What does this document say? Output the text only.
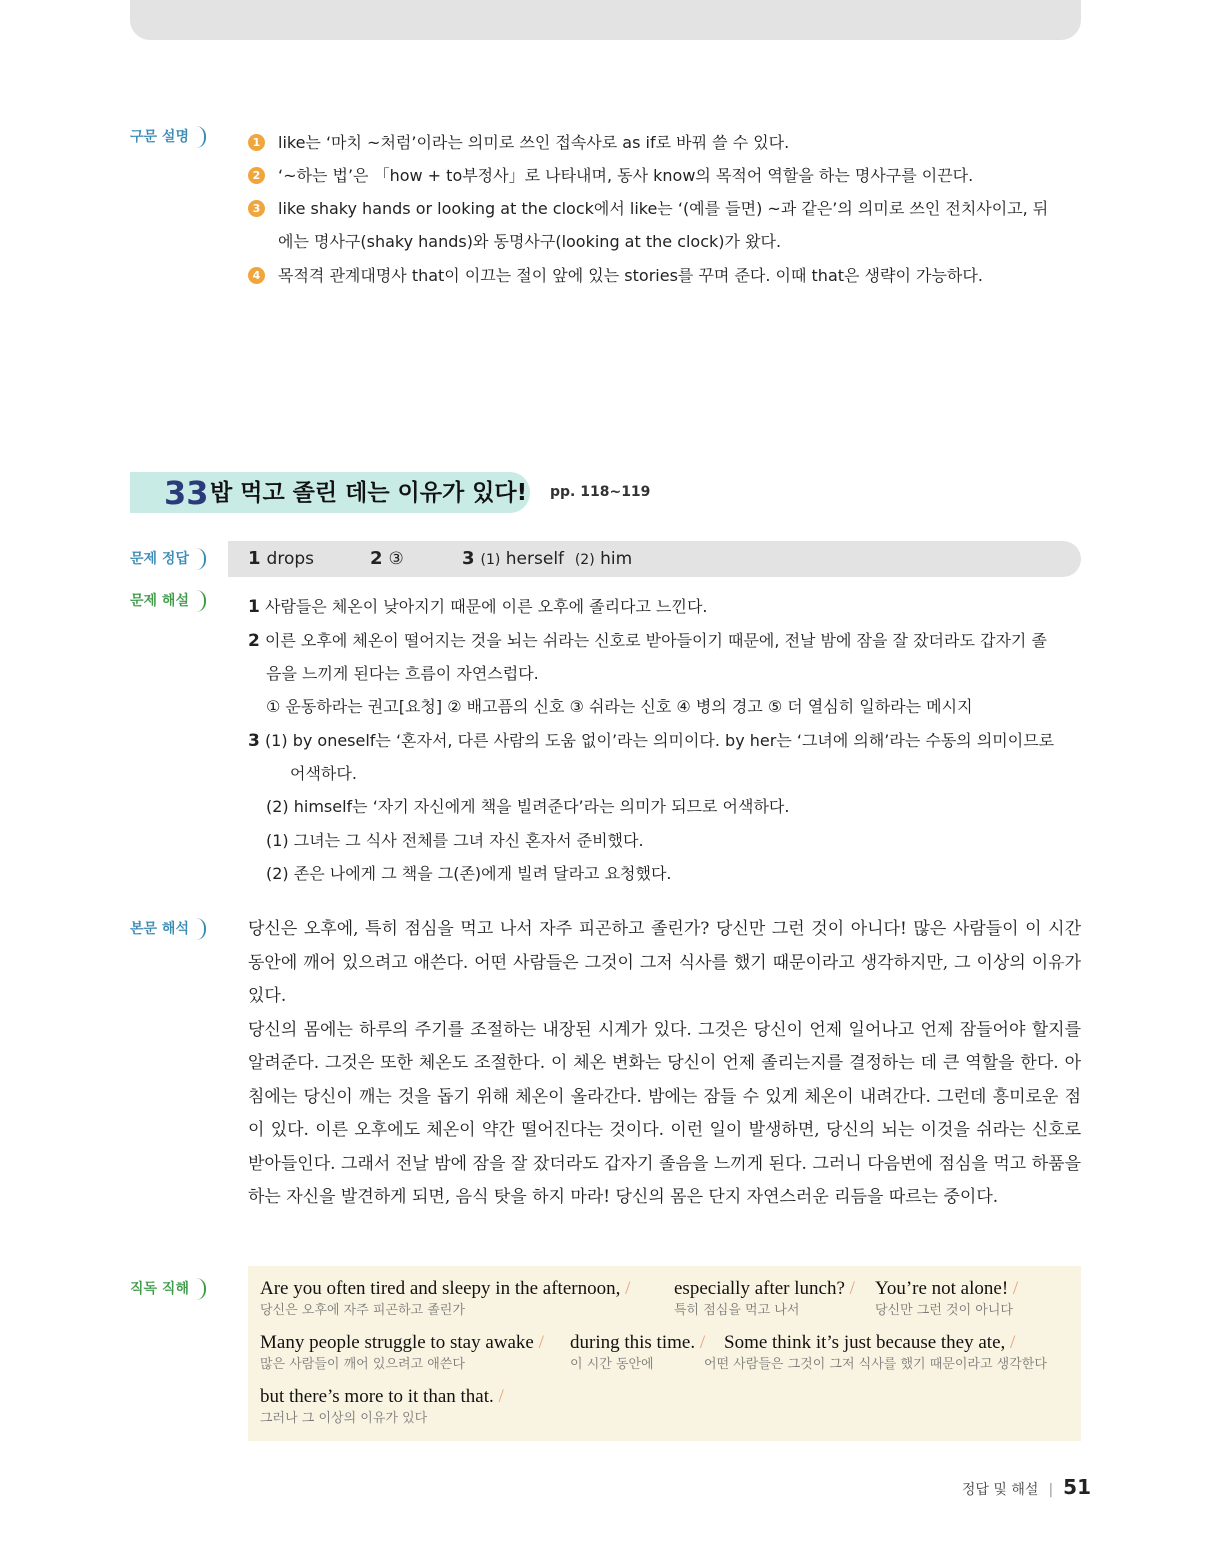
구문 설명	1 like는 ‘마치 ~처럼’이라는 의미로 쓰인 접속사로 as if로 바꿔 쓸 수 있다.
2 ‘~하는 법’은 「how + to부정사」로 나타내며, 동사 know의 목적어 역할을 하는 명사구를 이끈다.
3 like shaky hands or looking at the clock에서 like는 ‘(예를 들면) ~과 같은’의 의미로 쓰인 전치사이고, 뒤
에는 명사구(shaky hands)와 동명사구(looking at the clock)가 왔다.
4 목적격 관계대명사 that이 이끄는 절이 앞에 있는 stories를 꾸며 준다. 이때 that은 생략이 가능하다.
33 밥 먹고 졸린 데는 이유가 있다! pp. 118~119
문제 정답	1 drops	2 ③	3 (1) herself (2) him
문제 해설	1 사람들은 체온이 낮아지기 때문에 이른 오후에 졸리다고 느낀다.
2 이른 오후에 체온이 떨어지는 것을 뇌는 쉬라는 신호로 받아들이기 때문에, 전날 밤에 잠을 잘 잤더라도 갑자기 졸
음을 느끼게 된다는 흐름이 자연스럽다.
① 운동하라는 권고[요청] ② 배고픔의 신호 ③ 쉬라는 신호 ④ 병의 경고 ⑤ 더 열심히 일하라는 메시지
3 (1) by oneself는 ‘혼자서, 다른 사람의 도움 없이’라는 의미이다. by her는 ‘그녀에 의해’라는 수동의 의미이므로
어색하다.
(2) himself는 ‘자기 자신에게 책을 빌려준다’라는 의미가 되므로 어색하다.
(1) 그녀는 그 식사 전체를 그녀 자신 혼자서 준비했다.
(2) 존은 나에게 그 책을 그(존)에게 빌려 달라고 요청했다.
본문 해석	당신은 오후에, 특히 점심을 먹고 나서 자주 피곤하고 졸린가? 당신만 그런 것이 아니다! 많은 사람들이 이 시간 동안에 깨어 있으려고 애쓴다. 어떤 사람들은 그것이 그저 식사를 했기 때문이라고 생각하지만, 그 이상의 이유가 있다.

당신의 몸에는 하루의 주기를 조절하는 내장된 시계가 있다. 그것은 당신이 언제 일어나고 언제 잠들어야 할지를 알려준다. 그것은 또한 체온도 조절한다. 이 체온 변화는 당신이 언제 졸리는지를 결정하는 데 큰 역할을 한다. 아침에는 당신이 깨는 것을 돕기 위해 체온이 올라간다. 밤에는 잠들 수 있게 체온이 내려간다. 그런데 흥미로운 점이 있다. 이른 오후에도 체온이 약간 떨어진다는 것이다. 이런 일이 발생하면, 당신의 뇌는 이것을 쉬라는 신호로 받아들인다. 그래서 전날 밤에 잠을 잘 잤더라도 갑자기 졸음을 느끼게 된다. 그러니 다음번에 점심을 먹고 하품을 하는 자신을 발견하게 되면, 음식 탓을 하지 마라! 당신의 몸은 단지 자연스러운 리듬을 따르는 중이다.

직독 직해	Are you often tired and sleepy in the afternoon, / especially after lunch? / You’re not alone! /
당신은 오후에 자주 피곤하고 졸린가	특히 점심을 먹고 나서	당신만 그런 것이 아니다
Many people struggle to stay awake / during this time. / Some think it’s just because they ate, /
많은 사람들이 깨어 있으려고 애쓴다	이 시간 동안에	어떤 사람들은 그것이 그저 식사를 했기 때문이라고 생각한다
but there’s more to it than that. /
그러나 그 이상의 이유가 있다
정답 및 해설 | 51
